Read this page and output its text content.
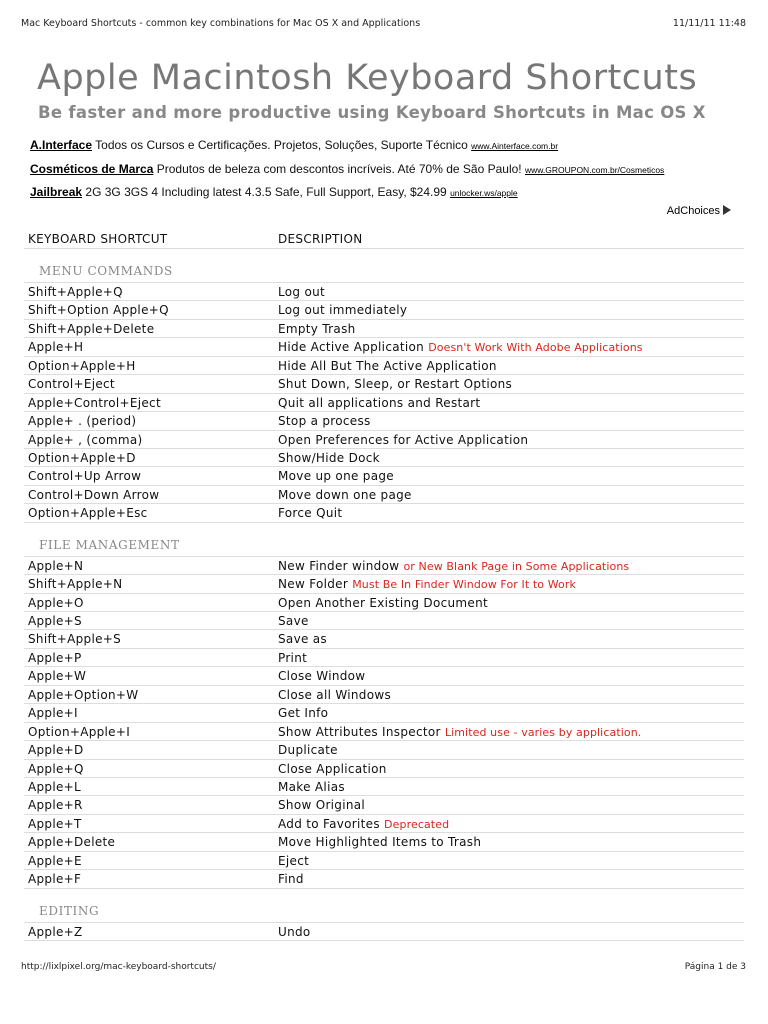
Mac Keyboard Shortcuts - common key combinations for Mac OS X and Applications	11/11/11 11:48
Apple Macintosh Keyboard Shortcuts
Be faster and more productive using Keyboard Shortcuts in Mac OS X
A.Interface Todos os Cursos e Certificações. Projetos, Soluções, Suporte Técnico www.Ainterface.com.br
Cosméticos de Marca Produtos de beleza com descontos incríveis. Até 70% de São Paulo! www.GROUPON.com.br/Cosmeticos
Jailbreak 2G 3G 3GS 4 Including latest 4.3.5 Safe, Full Support, Easy, $24.99 unlocker.ws/apple
AdChoices
KEYBOARD SHORTCUT	DESCRIPTION
MENU COMMANDS
Shift+Apple+Q	Log out
Shift+Option Apple+Q	Log out immediately
Shift+Apple+Delete	Empty Trash
Apple+H	Hide Active Application Doesn't Work With Adobe Applications
Option+Apple+H	Hide All But The Active Application
Control+Eject	Shut Down, Sleep, or Restart Options
Apple+Control+Eject	Quit all applications and Restart
Apple+ . (period)	Stop a process
Apple+ , (comma)	Open Preferences for Active Application
Option+Apple+D	Show/Hide Dock
Control+Up Arrow	Move up one page
Control+Down Arrow	Move down one page
Option+Apple+Esc	Force Quit
FILE MANAGEMENT
Apple+N	New Finder window or New Blank Page in Some Applications
Shift+Apple+N	New Folder Must Be In Finder Window For It to Work
Apple+O	Open Another Existing Document
Apple+S	Save
Shift+Apple+S	Save as
Apple+P	Print
Apple+W	Close Window
Apple+Option+W	Close all Windows
Apple+I	Get Info
Option+Apple+I	Show Attributes Inspector Limited use - varies by application.
Apple+D	Duplicate
Apple+Q	Close Application
Apple+L	Make Alias
Apple+R	Show Original
Apple+T	Add to Favorites Deprecated
Apple+Delete	Move Highlighted Items to Trash
Apple+E	Eject
Apple+F	Find
EDITING
Apple+Z	Undo
http://lixlpixel.org/mac-keyboard-shortcuts/	Página 1 de 3
